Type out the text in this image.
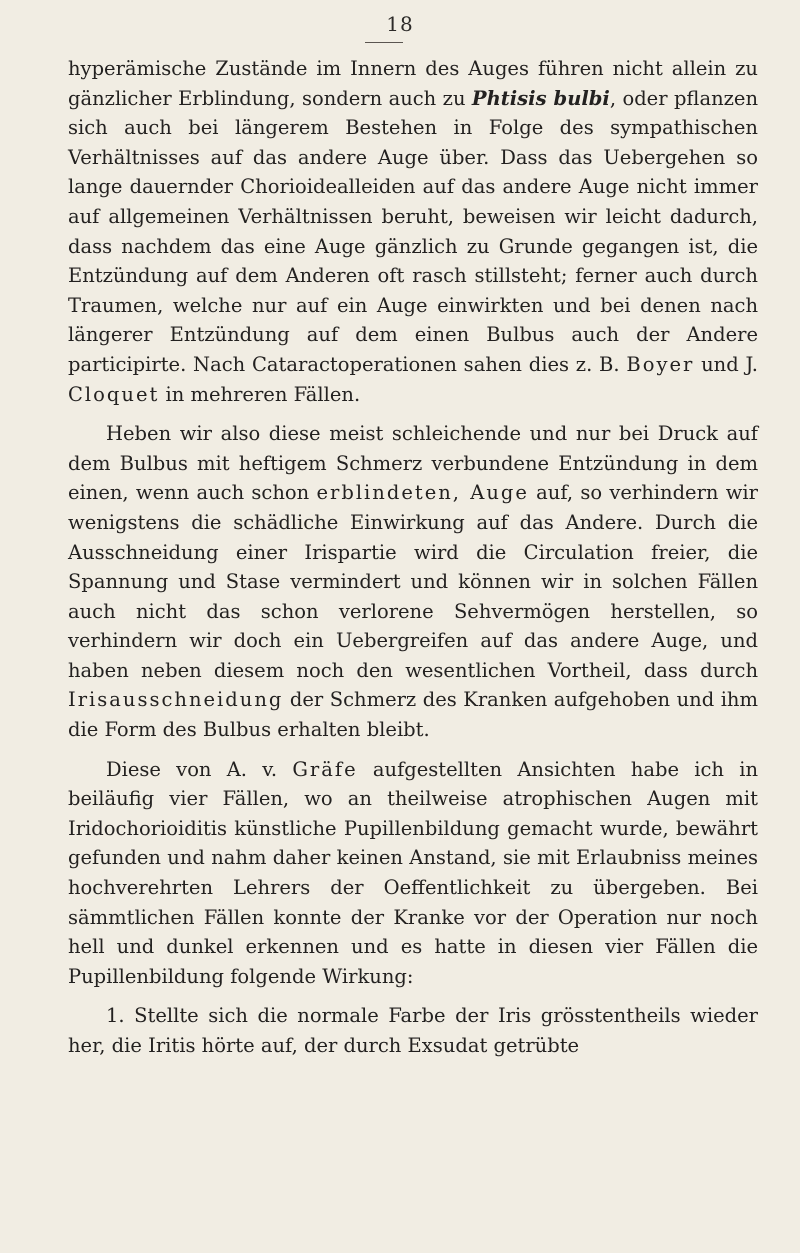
18

hyperämische Zustände im Innern des Auges führen nicht allein zu gänzlicher Erblindung, sondern auch zu Phtisis bulbi, oder pflanzen sich auch bei längerem Bestehen in Folge des sympathischen Verhältnisses auf das andere Auge über. Dass das Uebergehen so lange dauernder Chorioidealleiden auf das andere Auge nicht immer auf allgemeinen Verhältnissen beruht, beweisen wir leicht dadurch, dass nachdem das eine Auge gänzlich zu Grunde gegangen ist, die Entzündung auf dem Anderen oft rasch stillsteht; ferner auch durch Traumen, welche nur auf ein Auge einwirkten und bei denen nach längerer Entzündung auf dem einen Bulbus auch der Andere participirte. Nach Cataractoperationen sahen dies z. B. Boyer und J. Cloquet in mehreren Fällen.

Heben wir also diese meist schleichende und nur bei Druck auf dem Bulbus mit heftigem Schmerz verbundene Entzündung in dem einen, wenn auch schon erblindeten, Auge auf, so verhindern wir wenigstens die schädliche Einwirkung auf das Andere. Durch die Ausschneidung einer Irispartie wird die Circulation freier, die Spannung und Stase vermindert und können wir in solchen Fällen auch nicht das schon verlorene Sehvermögen herstellen, so verhindern wir doch ein Uebergreifen auf das andere Auge, und haben neben diesem noch den wesentlichen Vortheil, dass durch Irisausschneidung der Schmerz des Kranken aufgehoben und ihm die Form des Bulbus erhalten bleibt.

Diese von A. v. Gräfe aufgestellten Ansichten habe ich in beiläufig vier Fällen, wo an theilweise atrophischen Augen mit Iridochorioiditis künstliche Pupillenbildung gemacht wurde, bewährt gefunden und nahm daher keinen Anstand, sie mit Erlaubniss meines hochverehrten Lehrers der Oeffentlichkeit zu übergeben. Bei sämmtlichen Fällen konnte der Kranke vor der Operation nur noch hell und dunkel erkennen und es hatte in diesen vier Fällen die Pupillenbildung folgende Wirkung:

1. Stellte sich die normale Farbe der Iris grösstentheils wieder her, die Iritis hörte auf, der durch Exsudat getrübte
